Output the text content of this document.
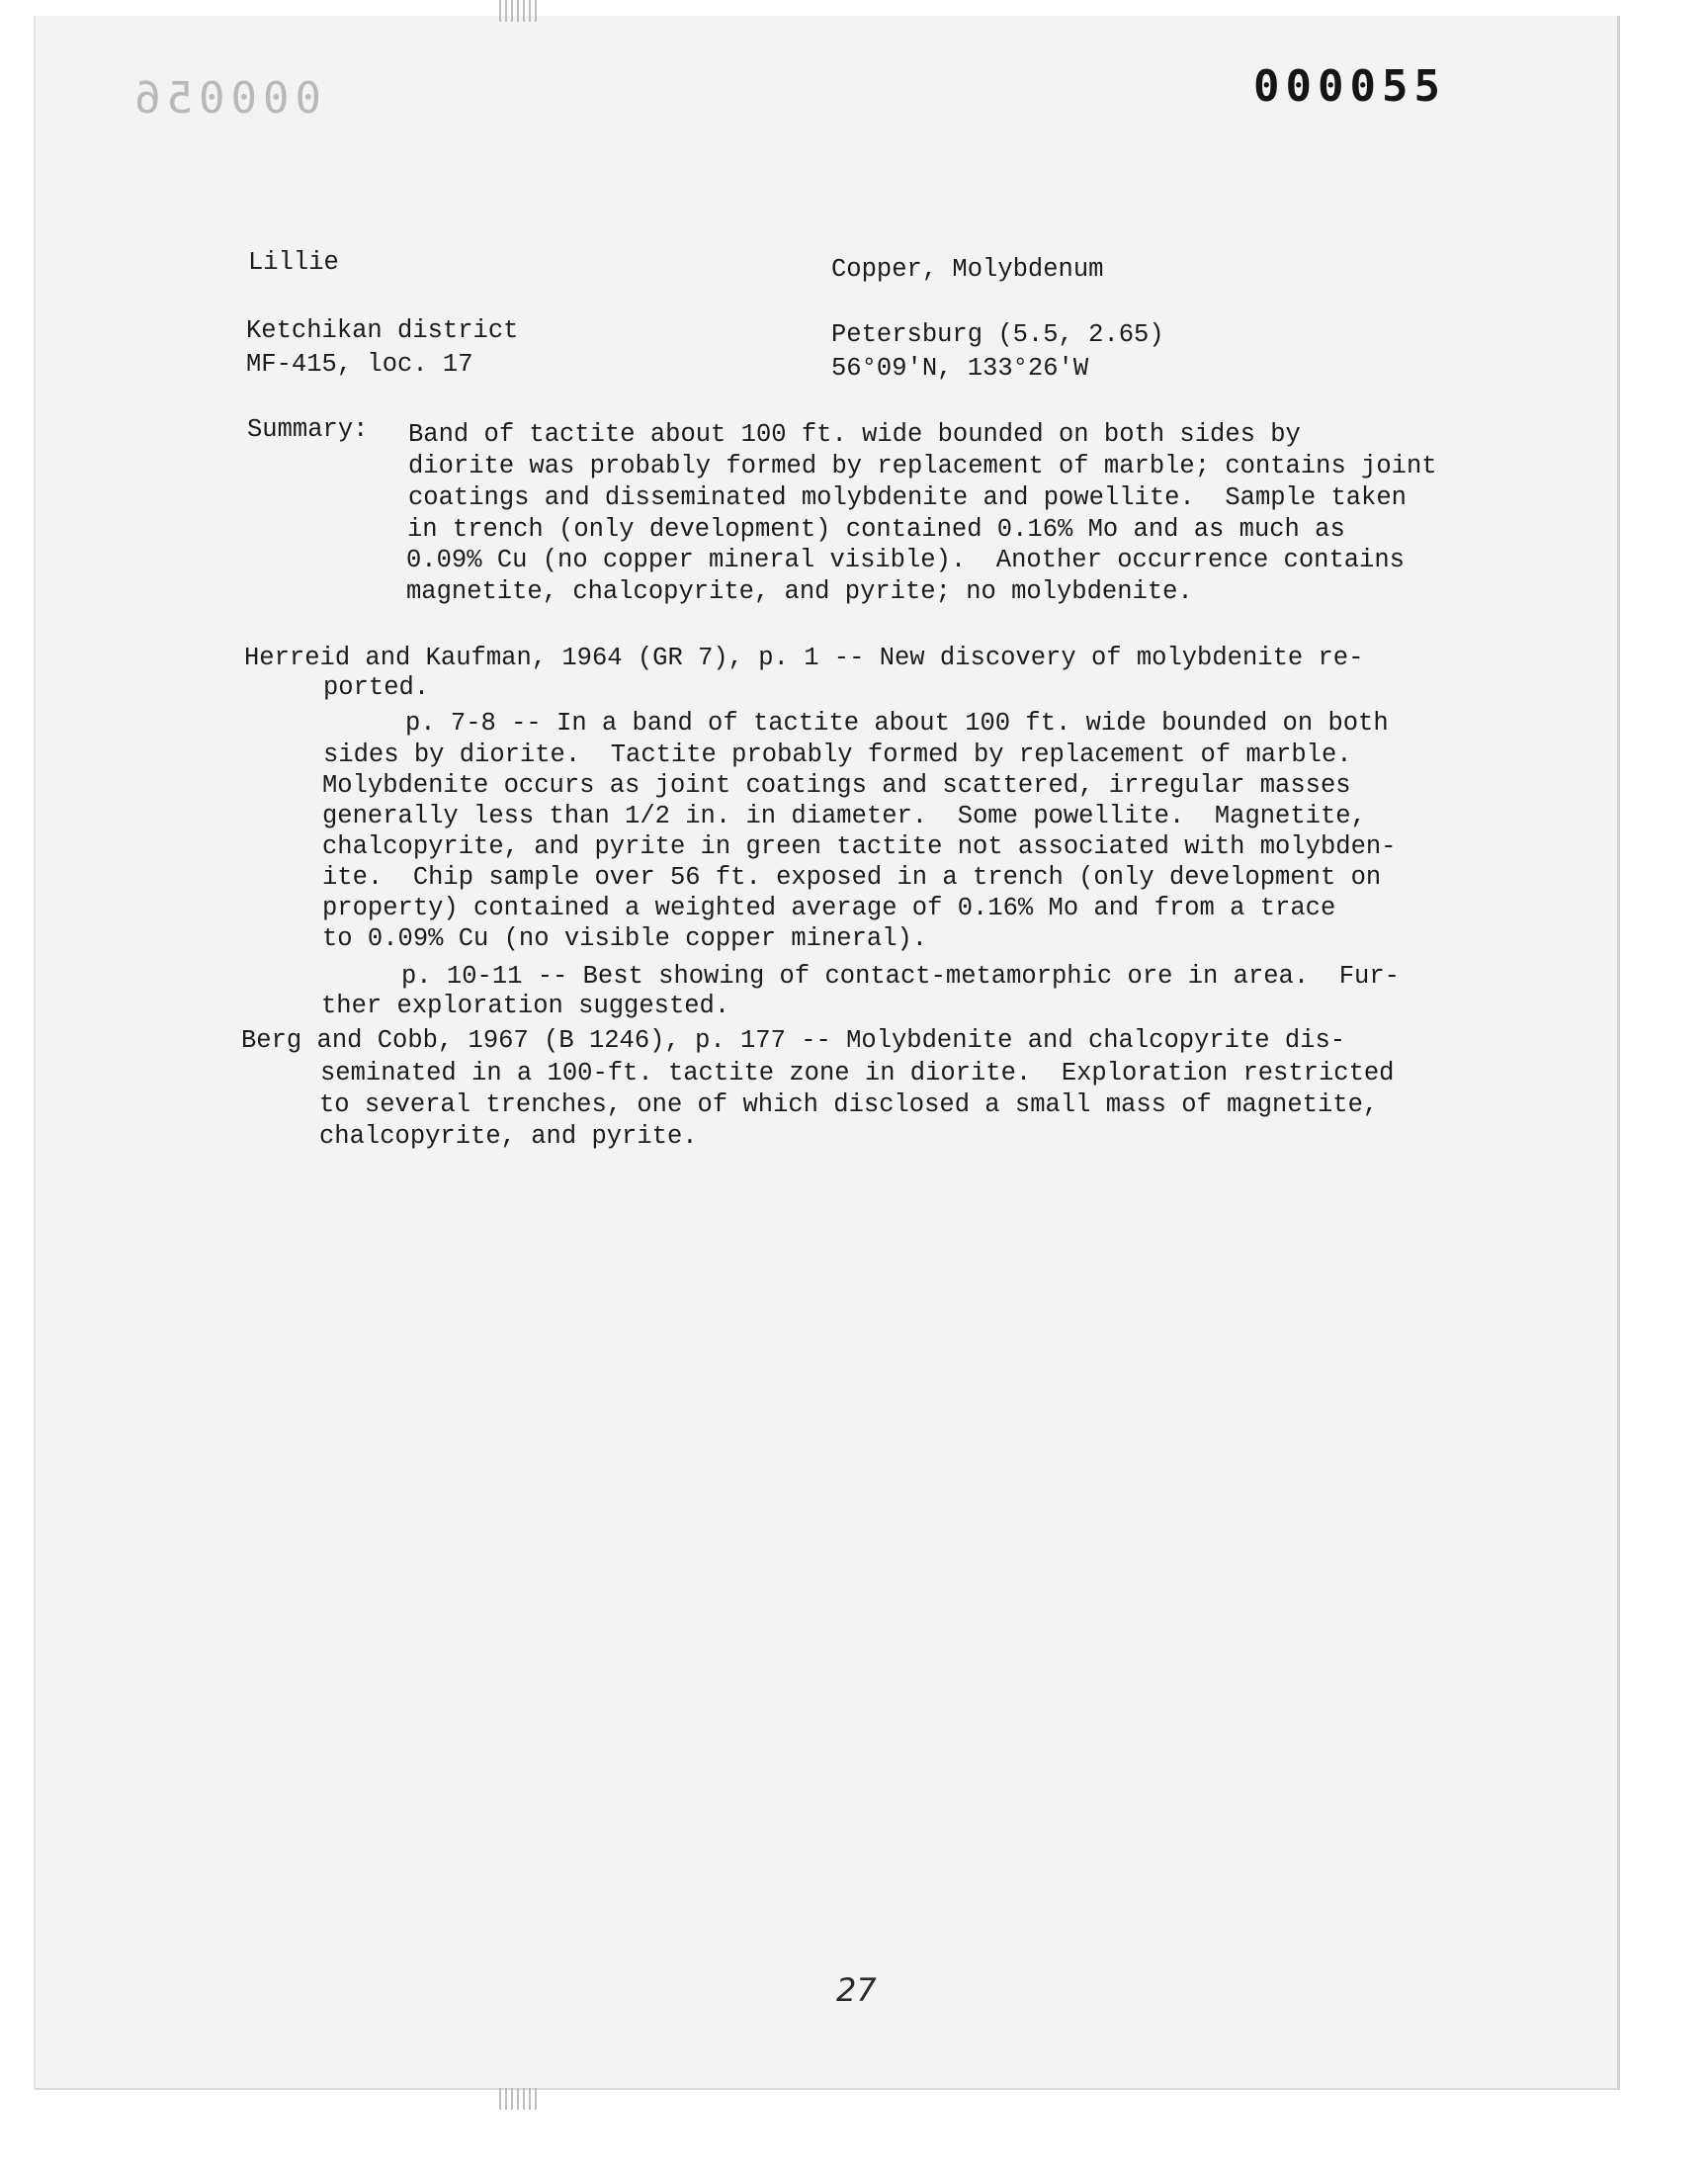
000056	000055
Lillie	Copper, Molybdenum
Ketchikan district	Petersburg (5.5, 2.65)
MF-415, loc. 17	56°09'N, 133°26'W
Summary: Band of tactite about 100 ft. wide bounded on both sides by
diorite was probably formed by replacement of marble; contains joint
coatings and disseminated molybdenite and powellite.  Sample taken
in trench (only development) contained 0.16% Mo and as much as
0.09% Cu (no copper mineral visible).  Another occurrence contains
magnetite, chalcopyrite, and pyrite; no molybdenite.
Herreid and Kaufman, 1964 (GR 7), p. 1 -- New discovery of molybdenite re-
ported.
p. 7-8 -- In a band of tactite about 100 ft. wide bounded on both
sides by diorite.  Tactite probably formed by replacement of marble.
Molybdenite occurs as joint coatings and scattered, irregular masses
generally less than 1/2 in. in diameter.  Some powellite.  Magnetite,
chalcopyrite, and pyrite in green tactite not associated with molybden-
ite.  Chip sample over 56 ft. exposed in a trench (only development on
property) contained a weighted average of 0.16% Mo and from a trace
to 0.09% Cu (no visible copper mineral).
p. 10-11 -- Best showing of contact-metamorphic ore in area.  Fur-
ther exploration suggested.
Berg and Cobb, 1967 (B 1246), p. 177 -- Molybdenite and chalcopyrite dis-
seminated in a 100-ft. tactite zone in diorite.  Exploration restricted
to several trenches, one of which disclosed a small mass of magnetite,
chalcopyrite, and pyrite.
27
